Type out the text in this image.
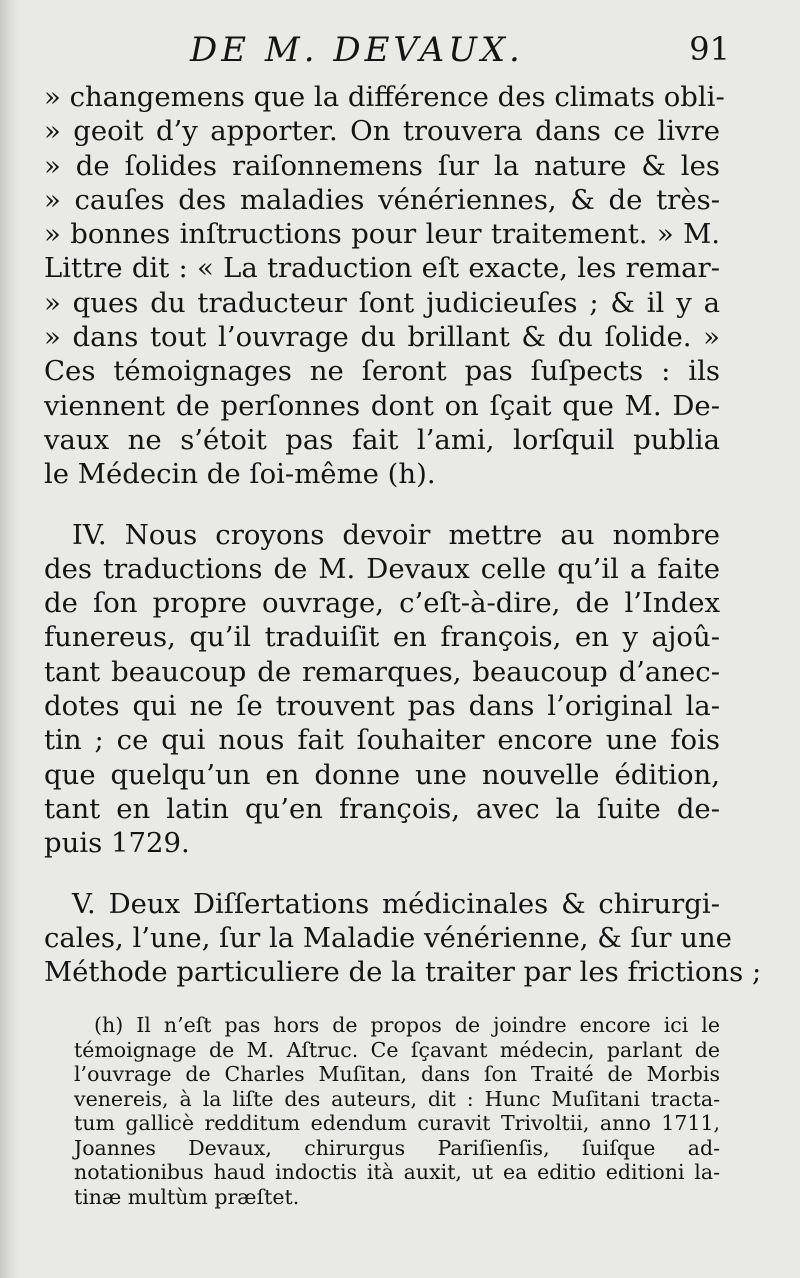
DE M. DEVAUX.	91
» changemens que la différence des climats obli-
» geoit d’y apporter. On trouvera dans ce livre
» de ſolides raiſonnemens ſur la nature & les
» cauſes des maladies vénériennes, & de très-
» bonnes inſtructions pour leur traitement. » M.
Littre dit : « La traduction eſt exacte, les remar-
» ques du traducteur ſont judicieuſes ; & il y a
» dans tout l’ouvrage du brillant & du ſolide. »
Ces témoignages ne ſeront pas ſuſpects : ils
viennent de perſonnes dont on ſçait que M. De-
vaux ne s’étoit pas fait l’ami, lorſquil publia
le Médecin de ſoi-même (h).
IV. Nous croyons devoir mettre au nombre
des traductions de M. Devaux celle qu’il a faite
de ſon propre ouvrage, c’eſt-à-dire, de l’Index
funereus, qu’il traduiſit en françois, en y ajoû-
tant beaucoup de remarques, beaucoup d’anec-
dotes qui ne ſe trouvent pas dans l’original la-
tin ; ce qui nous fait ſouhaiter encore une fois
que quelqu’un en donne une nouvelle édition,
tant en latin qu’en françois, avec la ſuite de-
puis 1729.
V. Deux Diſſertations médicinales & chirurgi-
cales, l’une, ſur la Maladie vénérienne, & ſur une
Méthode particuliere de la traiter par les frictions ;
(h) Il n’eſt pas hors de propos de joindre encore ici le
témoignage de M. Aſtruc. Ce ſçavant médecin, parlant de
l’ouvrage de Charles Muſitan, dans ſon Traité de Morbis
venereis, à la liſte des auteurs, dit : Hunc Muſitani tracta-
tum gallicè redditum edendum curavit Trivoltii, anno 1711,
Joannes Devaux, chirurgus Pariſienſis, ſuiſque ad-
notationibus haud indoctis ità auxit, ut ea editio editioni la-
tinæ multùm præſtet.
